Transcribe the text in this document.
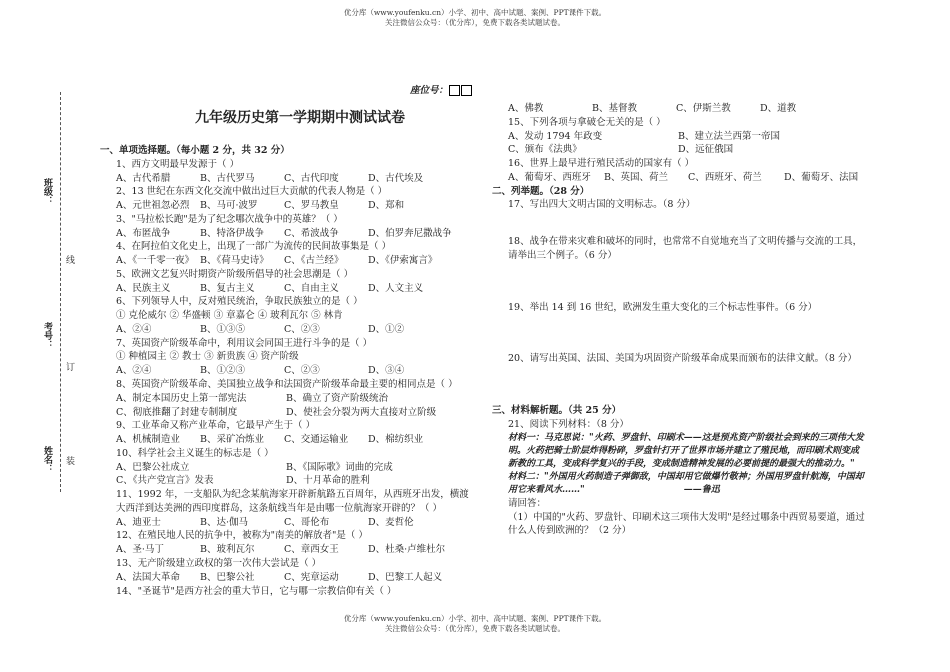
优分库（www.youfenku.cn）小学、初中、高中试题、案例、PPT课件下载。
关注微信公众号：（优分库），免费下载各类试题试卷。
座位号：
班级：
线
考号：
订
姓名： 装
九年级历史第一学期期中测试试卷
一、单项选择题。（每小题 2 分，共 32 分）
1、西方文明最早发源于（ ）
A、古代希腊	B、古代罗马	C、古代印度	D、古代埃及
2、13 世纪在东西文化交流中做出过巨大贡献的代表人物是（ ）
A、元世祖忽必烈	B、马可·波罗	C、罗马教皇	D、郑和
3、"马拉松长跑"是为了纪念哪次战争中的英雄？（ ）
A、布匿战争	B、特洛伊战争	C、希波战争	D、伯罗奔尼撒战争
4、在阿拉伯文化史上，出现了一部广为流传的民间故事集是（ ）
A、《一千零一夜》 B、《荷马史诗》	C、《古兰经》	D、《伊索寓言》
5、欧洲文艺复兴时期资产阶级所倡导的社会思潮是（ ）
A、民族主义	B、复古主义	C、自由主义	D、人文主义
6、下列领导人中，反对殖民统治，争取民族独立的是（ ）
① 克伦威尔 ② 华盛顿 ③ 章嘉仑 ④ 玻利瓦尔 ⑤ 林肯
A、②④	B、①③⑤	C、②③	D、①②
7、英国资产阶级革命中，利用议会同国王进行斗争的是（ ）
① 种植园主 ② 教士 ③ 新贵族 ④ 资产阶级
A、②④	B、①②③	C、②③	D、③④
8、英国资产阶级革命、美国独立战争和法国资产阶级革命最主要的相同点是（ ）
A、制定本国历史上第一部宪法	B、确立了资产阶级统治
C、彻底推翻了封建专制制度	D、使社会分裂为两大直接对立阶级
9、工业革命又称产业革命，它最早产生于（ ）
A、机械制造业	B、采矿冶炼业	C、交通运输业	D、棉纺织业
10、科学社会主义诞生的标志是（ ）
A、巴黎公社成立	B、《国际歌》词曲的完成
C、《共产党宣言》发表	D、十月革命的胜利
11、1992 年，一支船队为纪念某航海家开辟新航路五百周年，从西班牙出发，横渡大西洋到达美洲的西印度群岛，这条航线当年是由哪一位航海家开辟的？（ ）
A、迪亚士	B、达·伽马	C、哥伦布	D、麦哲伦
12、在殖民地人民的抗争中，被称为"南美的解放者"是（ ）
A、圣·马丁	B、玻利瓦尔	C、章西女王	D、杜桑·卢维杜尔
13、无产阶级建立政权的第一次伟大尝试是（ ）
A、法国大革命	B、巴黎公社	C、宪章运动	D、巴黎工人起义
14、"圣诞节"是西方社会的重大节日，它与哪一宗教信仰有关（ ）
A、佛教	B、基督教	C、伊斯兰教	D、道教
15、下列各项与拿破仑无关的是（ ）
A、发动 1794 年政变	B、建立法兰西第一帝国
C、颁布《法典》	D、远征俄国
16、世界上最早进行殖民活动的国家有（ ）
A、葡萄牙、西班牙	B、英国、荷兰	C、西班牙、荷兰	D、葡萄牙、法国
二、列举题。（28 分）
17、写出四大文明古国的文明标志。（8 分）
18、战争在带来灾难和破坏的同时，也常常不自觉地充当了文明传播与交流的工具，请举出三个例子。（6 分）
19、举出 14 到 16 世纪，欧洲发生重大变化的三个标志性事件。（6 分）
20、请写出英国、法国、美国为巩固资产阶级革命成果而颁布的法律文献。（8 分）
三、材料解析题。（共 25 分）
21、阅读下列材料：（8 分）
材料一：马克思说："火药、罗盘针、印刷术——这是预兆资产阶级社会到来的三项伟大发明。火药把骑士阶层炸得粉碎，罗盘针打开了世界市场并建立了殖民地，而印刷术则变成新教的工具，变成科学复兴的手段，变成制造精神发展的必要前提的最强大的推动力。"
材料二："外国用火药制造子弹御敌，中国却用它做爆竹敬神；外国用罗盘针航海，中国却用它来看风水……"　　　　　　　　　　　——鲁迅
请回答：
（1）中国的"火药、罗盘针、印刷术这三项伟大发明"是经过哪条中西贸易要道，通过什么人传到欧洲的？（2 分）
优分库（www.youfenku.cn）小学、初中、高中试题、案例、PPT课件下载。
关注微信公众号：（优分库），免费下载各类试题试卷。
